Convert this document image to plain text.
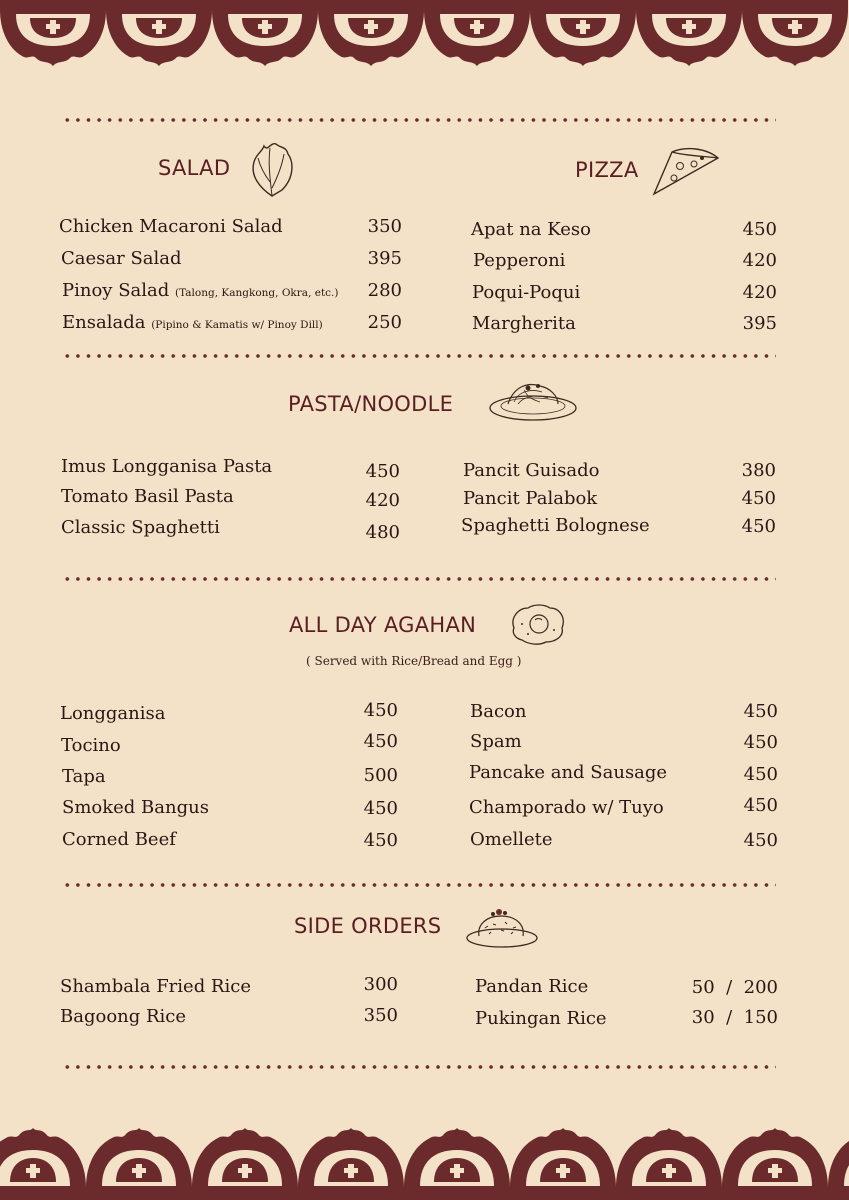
SALAD
Chicken Macaroni Salad	350
Caesar Salad	395
Pinoy Salad (Talong, Kangkong, Okra, etc.)	280
Ensalada (Pipino & Kamatis w/ Pinoy Dill)	250
PIZZA
Apat na Keso	450
Pepperoni	420
Poqui-Poqui	420
Margherita	395
PASTA/NOODLE
Imus Longganisa Pasta	450
Tomato Basil Pasta	420
Classic Spaghetti	480
Pancit Guisado	380
Pancit Palabok	450
Spaghetti Bolognese	450
ALL DAY AGAHAN
( Served with Rice/Bread and Egg )
Longganisa	450
Tocino	450
Tapa	500
Smoked Bangus	450
Corned Beef	450
Bacon	450
Spam	450
Pancake and Sausage	450
Champorado w/ Tuyo	450
Omellete	450
SIDE ORDERS
Shambala Fried Rice	300
Bagoong Rice	350
Pandan Rice	50  /  200
Pukingan Rice	30  /  150
